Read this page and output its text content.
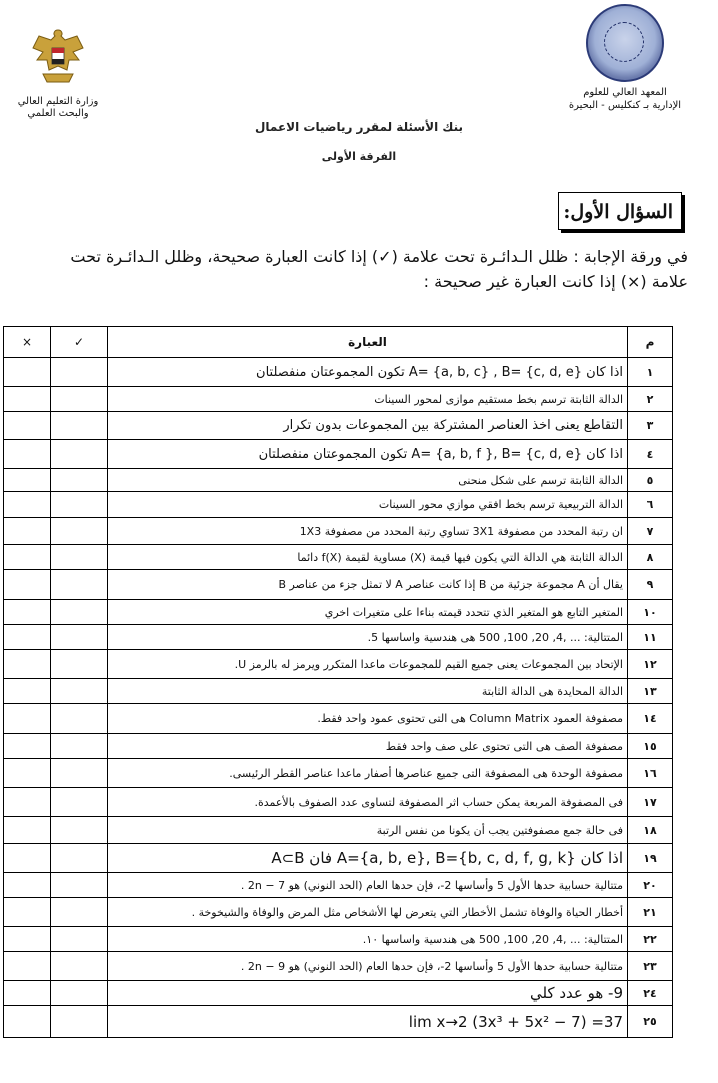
المعهد العالي للعلوم
الإدارية بـ كنكليس - البحيرة
وزارة التعليم العالي
والبحث العلمي
بنك الأسئلة لمقرر رياضيات الاعمال
الفرقة الأولى
السؤال الأول:
في ورقة الإجابة : ظلل الـدائـرة تحت علامة (✓) إذا كانت العبارة صحيحة، وظلل الـدائـرة تحت علامة (×) إذا كانت العبارة غير صحيحة :
×	✓	العبارة	م
		اذا كان {A= {a, b, c} , B= {c, d, e تكون المجموعتان منفصلتان	١
		الدالة الثابتة ترسم بخط مستقيم موازى لمحور السينات	٢
		التقاطع يعنى اخذ العناصر المشتركة بين المجموعات بدون تكرار	٣
		اذا كان {A= {a, b, f }, B= {c, d, e تكون المجموعتان منفصلتان	٤
		الدالة الثابتة ترسم على شكل منحنى	٥
		الدالة التربيعية ترسم بخط افقي موازي محور السينات	٦
		ان رتبة المحدد من مصفوفة 3X1 تساوي رتبة المحدد من مصفوفة 1X3	٧
		الدالة الثابتة هي الدالة التي يكون فيها قيمة (X) مساوية لقيمة f(X) دائما	٨
		يقال أن A مجموعة جزئية من B إذا كانت عناصر A لا تمثل جزء من عناصر B	٩
		المتغير التابع هو المتغير الذي تتحدد قيمته بناءا على متغيرات اخري	١٠
		المتتالية: ... ,4, 20, 100, 500 هى هندسية واساسها 5.	١١
		الإتحاد بين المجموعات يعنى جميع القيم للمجموعات ماعدا المتكرر ويرمز له بالرمز U.	١٢
		الدالة المحايدة هى الدالة الثابتة	١٣
		مصفوفة العمود Column Matrix هى التى تحتوى عمود واحد فقط.	١٤
		مصفوفة الصف هى التى تحتوى على صف واحد فقط	١٥
		مصفوفة الوحدة هى المصفوفة التى جميع عناصرها أصفار ماعدا عناصر القطر الرئيسى.	١٦
		فى المصفوفة المربعة يمكن حساب اثر المصفوفة لتساوى عدد الصفوف بالأعمدة.	١٧
		فى حالة جمع مصفوفتين يجب أن يكونا من نفس الرتبة	١٨
		اذا كان {A={a, b, e}, B={b, c, d, f, g, k فان A⊂B	١٩
		متتالية حسابية حدها الأول 5 وأساسها 2-، فإن حدها العام (الحد النوني) هو 2n − 7 .	٢٠
		أخطار الحياة والوفاة تشمل الأخطار التي يتعرض لها الأشخاص مثل المرض والوفاة والشيخوخة .	٢١
		المتتالية: ... ,4, 20, 100, 500 هى هندسية واساسها ١٠.	٢٢
		متتالية حسابية حدها الأول 5 وأساسها 2-، فإن حدها العام (الحد النوني) هو 2n − 9 .	٢٣
		9- هو عدد كلي	٢٤
		lim x→2 (3x³ + 5x² − 7) =37	٢٥
